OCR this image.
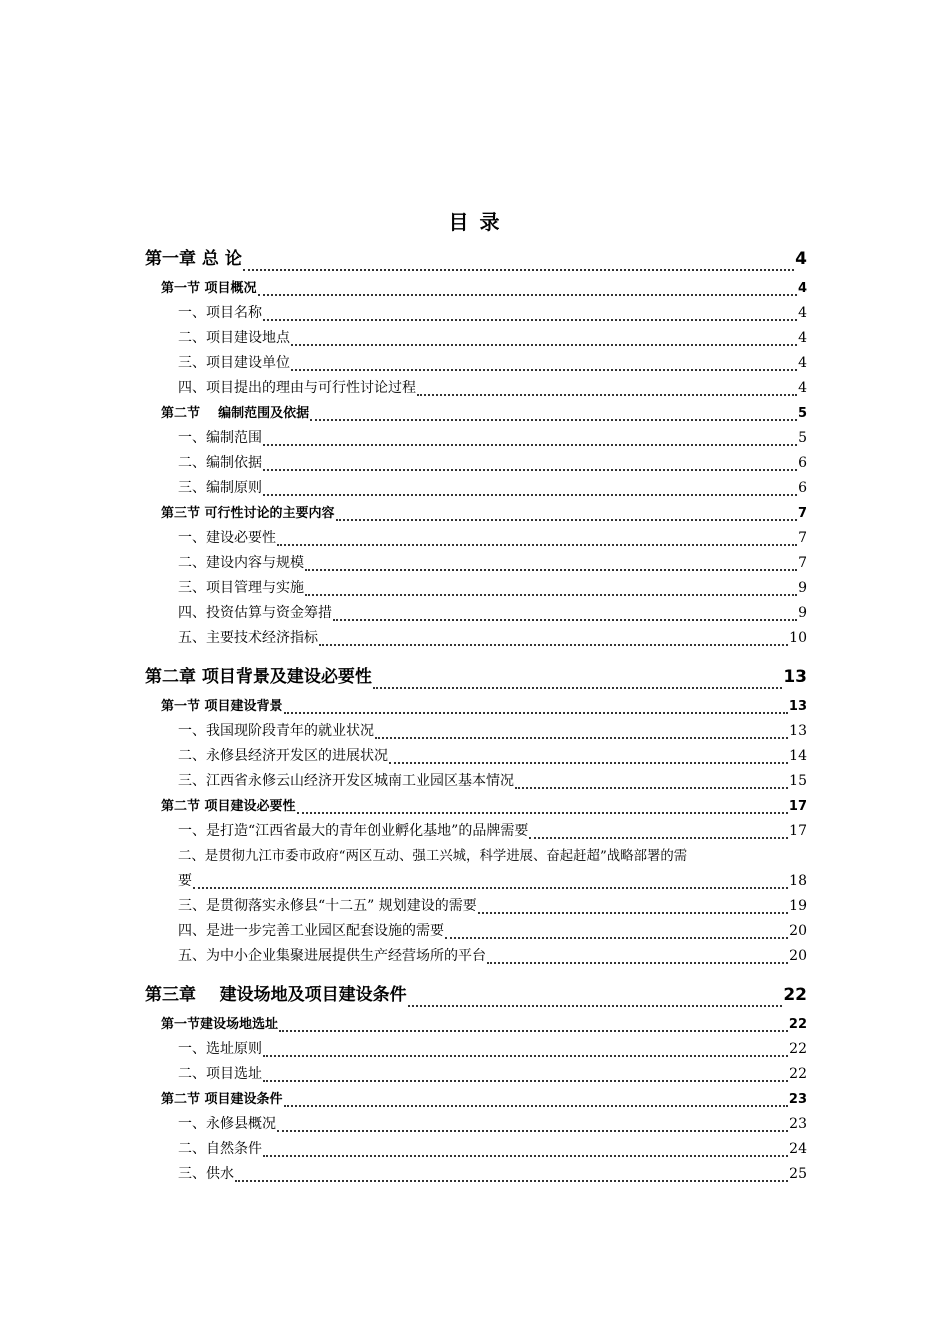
目 录
第一章 总 论	4
第一节 项目概况	4
一、项目名称	4
二、项目建设地点	4
三、项目建设单位	4
四、项目提出的理由与可行性讨论过程	4
第二节    编制范围及依据	5
一、编制范围	5
二、编制依据	6
三、编制原则	6
第三节 可行性讨论的主要内容	7
一、建设必要性	7
二、建设内容与规模	7
三、项目管理与实施	9
四、投资估算与资金筹措	9
五、主要技术经济指标	10
第二章 项目背景及建设必要性	13
第一节 项目建设背景	13
一、我国现阶段青年的就业状况	13
二、永修县经济开发区的进展状况	14
三、江西省永修云山经济开发区城南工业园区基本情况	15
第二节 项目建设必要性	17
一、是打造“江西省最大的青年创业孵化基地”的品牌需要	17
二、是贯彻九江市委市政府“两区互动、强工兴城，科学进展、奋起赶超”战略部署的需
要	18
三、是贯彻落实永修县“十二五” 规划建设的需要	19
四、是进一步完善工业园区配套设施的需要	20
五、为中小企业集聚进展提供生产经营场所的平台	20
第三章    建设场地及项目建设条件	22
第一节建设场地选址	22
一、选址原则	22
二、项目选址	22
第二节 项目建设条件	23
一、永修县概况	23
二、自然条件	24
三、供水	25
